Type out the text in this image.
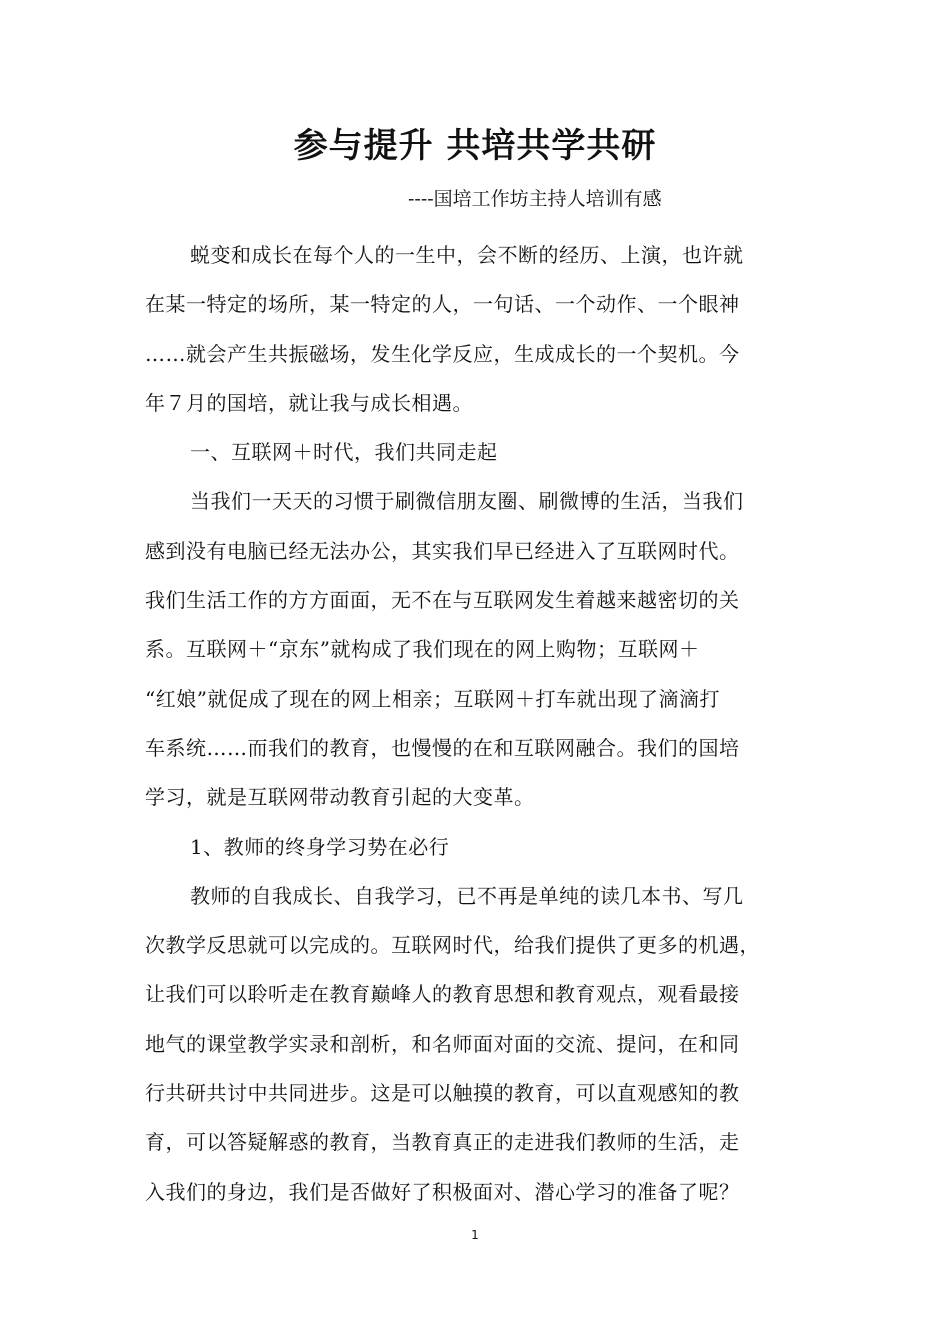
参与提升 共培共学共研
----国培工作坊主持人培训有感
蜕变和成长在每个人的一生中，会不断的经历、上演，也许就
在某一特定的场所，某一特定的人，一句话、一个动作、一个眼神
……就会产生共振磁场，发生化学反应，生成成长的一个契机。今
年７月的国培，就让我与成长相遇。
一、互联网＋时代，我们共同走起
当我们一天天的习惯于刷微信朋友圈、刷微博的生活，当我们
感到没有电脑已经无法办公，其实我们早已经进入了互联网时代。
我们生活工作的方方面面，无不在与互联网发生着越来越密切的关
系。互联网＋“京东”就构成了我们现在的网上购物；互联网＋
“红娘”就促成了现在的网上相亲；互联网＋打车就出现了滴滴打
车系统……而我们的教育，也慢慢的在和互联网融合。我们的国培
学习，就是互联网带动教育引起的大变革。
1、教师的终身学习势在必行
教师的自我成长、自我学习，已不再是单纯的读几本书、写几
次教学反思就可以完成的。互联网时代，给我们提供了更多的机遇，
让我们可以聆听走在教育巅峰人的教育思想和教育观点，观看最接
地气的课堂教学实录和剖析，和名师面对面的交流、提问，在和同
行共研共讨中共同进步。这是可以触摸的教育，可以直观感知的教
育，可以答疑解惑的教育，当教育真正的走进我们教师的生活，走
入我们的身边，我们是否做好了积极面对、潜心学习的准备了呢？
1
